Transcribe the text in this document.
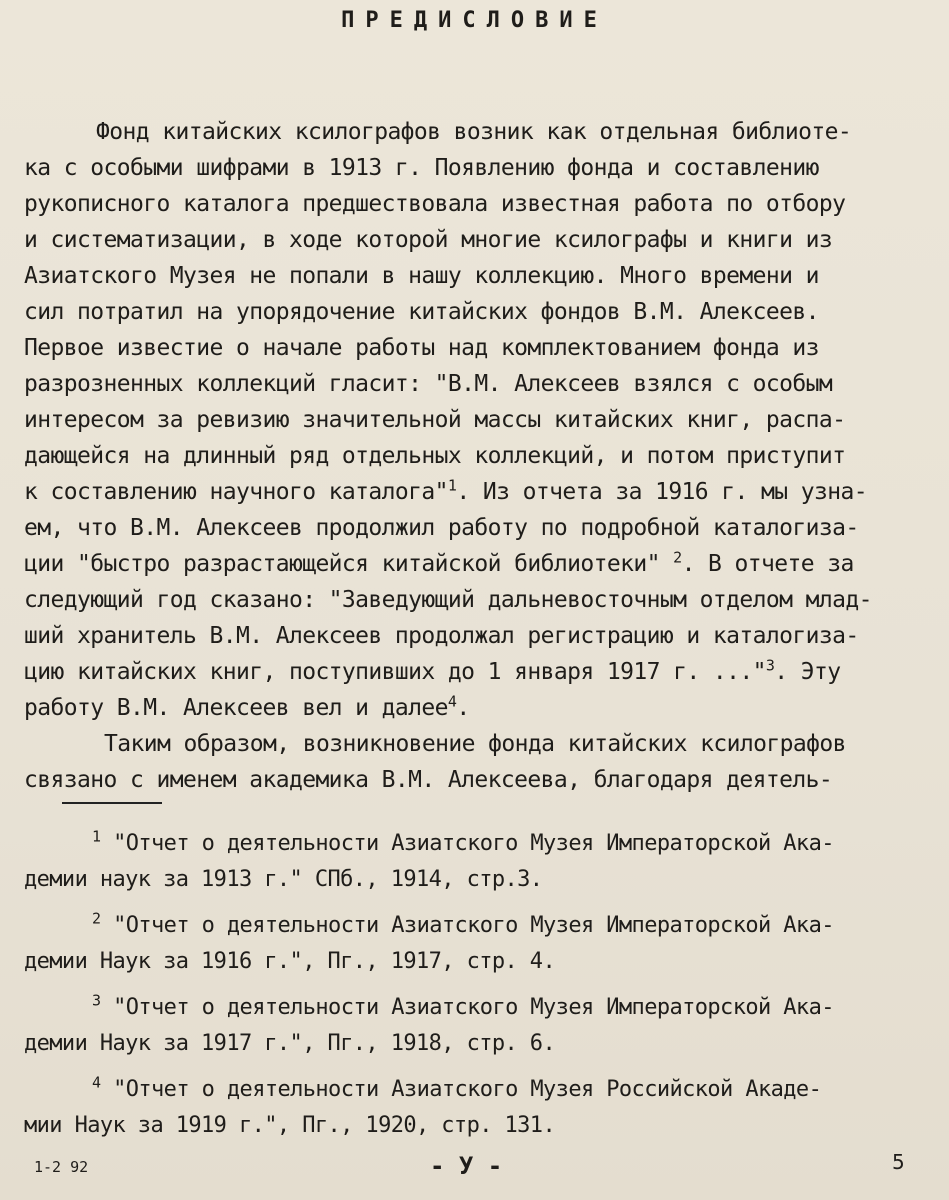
ПРЕДИСЛОВИЕ

Фонд китайских ксилографов возник как отдельная библиоте-

ка с особыми шифрами в 1913 г. Появлению фонда и составлению

рукописного каталога предшествовала известная работа по отбору

и систематизации, в ходе которой многие ксилографы и книги из

Азиатского Музея не попали в нашу коллекцию. Много времени и

сил потратил на упорядочение китайских фондов В.М. Алексеев.

Первое известие о начале работы над комплектованием фонда из

разрозненных коллекций гласит: "В.М. Алексеев взялся с особым

интересом за ревизию значительной массы китайских книг, распа-

дающейся на длинный ряд отдельных коллекций, и потом приступит

к составлению научного каталога"$^1$. Из отчета за 1916 г. мы узна-

ем, что В.М. Алексеев продолжил работу по подробной каталогиза-

ции "быстро разрастающейся китайской библиотеки" $^2$. В отчете за

следующий год сказано: "Заведующий дальневосточным отделом млад-

ший хранитель В.М. Алексеев продолжал регистрацию и каталогиза-

цию китайских книг, поступивших до 1 января 1917 г. ..."$^3$. Эту

работу В.М. Алексеев вел и далее$^4$.

Таким образом, возникновение фонда китайских ксилографов

связано с именем академика В.М. Алексеева, благодаря деятель-

$^1$ "Отчет о деятельности Азиатского Музея Императорской Ака-

демии наук за 1913 г." СПб., 1914, стр.3.

$^2$ "Отчет о деятельности Азиатского Музея Императорской Ака-

демии Наук за 1916 г.", Пг., 1917, стр. 4.

$^3$ "Отчет о деятельности Азиатского Музея Императорской Ака-

демии Наук за 1917 г.", Пг., 1918, стр. 6.

$^4$ "Отчет о деятельности Азиатского Музея Российской Акаде-

мии Наук за 1919 г.", Пг., 1920, стр. 131.

1-2 92	- У -	5
